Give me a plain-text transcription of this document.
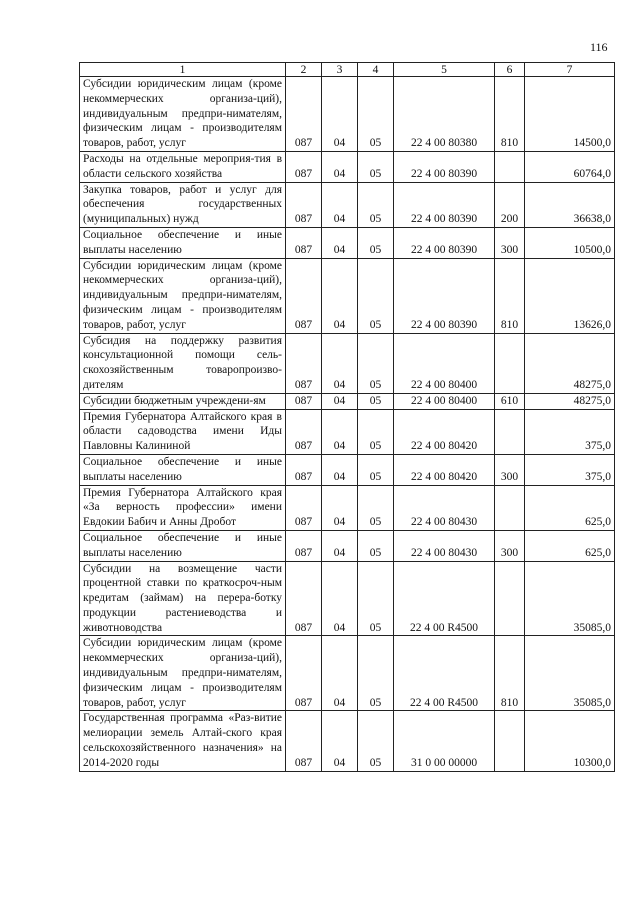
116
1	2	3	4	5	6	7
Субсидии юридическим лицам (кроме некоммерческих организа-ций), индивидуальным предпри-нимателям, физическим лицам - производителям товаров, работ, услуг	087	04	05	22 4 00 80380	810	14500,0
Расходы на отдельные мероприя-тия в области сельского хозяйства	087	04	05	22 4 00 80390		60764,0
Закупка товаров, работ и услуг для обеспечения государственных (муниципальных) нужд	087	04	05	22 4 00 80390	200	36638,0
Социальное обеспечение и иные выплаты населению	087	04	05	22 4 00 80390	300	10500,0
Субсидии юридическим лицам (кроме некоммерческих организа-ций), индивидуальным предпри-нимателям, физическим лицам - производителям товаров, работ, услуг	087	04	05	22 4 00 80390	810	13626,0
Субсидия на поддержку развития консультационной помощи сель-скохозяйственным товаропроизво-дителям	087	04	05	22 4 00 80400		48275,0
Субсидии бюджетным учреждени-ям	087	04	05	22 4 00 80400	610	48275,0
Премия Губернатора Алтайского края в области садоводства имени Иды Павловны Калининой	087	04	05	22 4 00 80420		375,0
Социальное обеспечение и иные выплаты населению	087	04	05	22 4 00 80420	300	375,0
Премия Губернатора Алтайского края «За верность профессии» имени Евдокии Бабич и Анны Дробот	087	04	05	22 4 00 80430		625,0
Социальное обеспечение и иные выплаты населению	087	04	05	22 4 00 80430	300	625,0
Субсидии на возмещение части процентной ставки по краткосроч-ным кредитам (займам) на перера-ботку продукции растениеводства и животноводства	087	04	05	22 4 00 R4500		35085,0
Субсидии юридическим лицам (кроме некоммерческих организа-ций), индивидуальным предпри-нимателям, физическим лицам - производителям товаров, работ, услуг	087	04	05	22 4 00 R4500	810	35085,0
Государственная программа «Раз-витие мелиорации земель Алтай-ского края сельскохозяйственного назначения» на 2014-2020 годы	087	04	05	31 0 00 00000		10300,0
